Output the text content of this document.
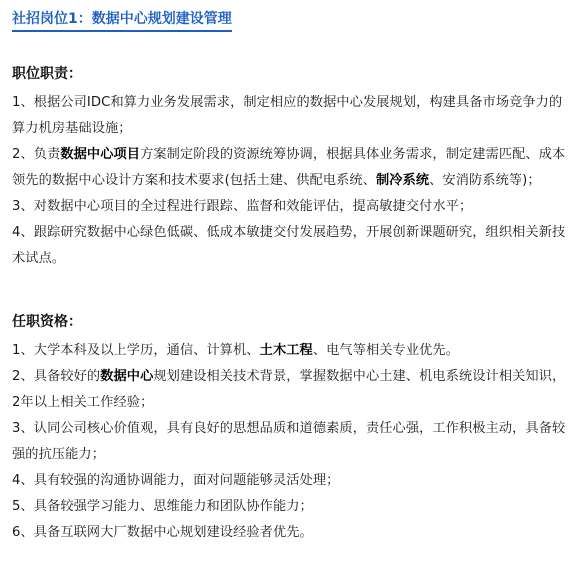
社招岗位1：数据中心规划建设管理
职位职责：
1、根据公司IDC和算力业务发展需求，制定相应的数据中心发展规划，构建具备市场竞争力的算力机房基础设施；
2、负责数据中心项目方案制定阶段的资源统筹协调，根据具体业务需求，制定建需匹配、成本领先的数据中心设计方案和技术要求(包括土建、供配电系统、制冷系统、安消防系统等)；
3、对数据中心项目的全过程进行跟踪、监督和效能评估，提高敏捷交付水平；
4、跟踪研究数据中心绿色低碳、低成本敏捷交付发展趋势，开展创新课题研究，组织相关新技术试点。
任职资格：
1、大学本科及以上学历，通信、计算机、土木工程、电气等相关专业优先。
2、具备较好的数据中心规划建设相关技术背景，掌握数据中心土建、机电系统设计相关知识，2年以上相关工作经验；
3、认同公司核心价值观，具有良好的思想品质和道德素质，责任心强，工作积极主动，具备较强的抗压能力；
4、具有较强的沟通协调能力，面对问题能够灵活处理；
5、具备较强学习能力、思维能力和团队协作能力；
6、具备互联网大厂数据中心规划建设经验者优先。
